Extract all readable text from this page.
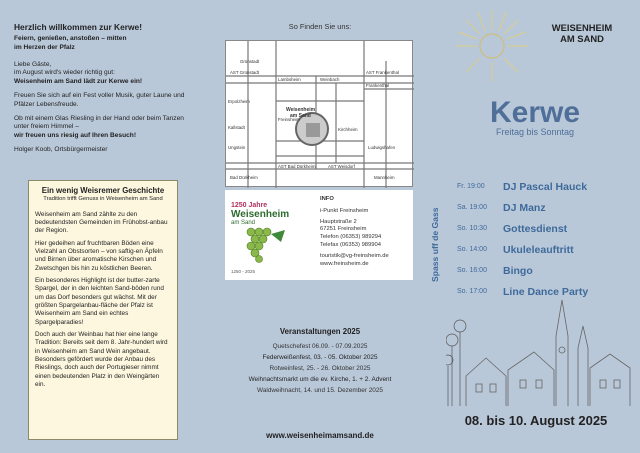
Herzlich willkommen zur Kerwe!

Feiern, genießen, anstoßen – mitten
im Herzen der Pfalz

Liebe Gäste,
im August wird's wieder richtig gut:
Weisenheim am Sand lädt zur Kerwe ein!

Freuen Sie sich auf ein Fest voller Musik, guter Laune und Pfälzer Lebensfreude.

Ob mit einem Glas Riesling in der Hand oder beim Tanzen unter freiem Himmel –
wir freuen uns riesig auf Ihren Besuch!

Holger Koob, Ortsbürgermeister

Ein wenig Weisremer Geschichte
Tradition trifft Genuss in Weisenheim am Sand

Weisenheim am Sand zählte zu den bedeutendsten Gemeinden im Frühobst-anbau der Region.

Hier gedeihen auf fruchtbaren Böden eine Vielzahl an Obstsorten – von saftig-en Äpfeln und Birnen über aromatische Kirschen und Zwetschgen bis hin zu köstlichen Beeren.

Ein besonderes Highlight ist der butter-zarte Spargel, der in den leichten Sand-böden rund um das Dorf besonders gut wächst. Mit der größten Spargelanbau-fläche der Pfalz ist Weisenheim am Sand ein echtes Spargelparadies!

Doch auch der Weinbau hat hier eine lange Tradition: Bereits seit dem 8. Jahr-hundert wird in Weisenheim am Sand Wein angebaut. Besonders gefördert wurde der Anbau des Rieslings, doch auch der Portugieser nimmt einen bedeutenden Platz in den Weingärten ein.

So Finden Sie uns:
Grünstadt
AST Grünstadt	AST Frankenthal
Frankenthal
Lambsheim	Weinbach
Weisenheim
am Sand
Erpolzheim
Kallstadt
Ungstein
Freinsheim
Kirchheim
Ludwigshafen
Bad Dürkheim	Mannheim
AST Bad Dürkheim	AST Weisdorf
1250 Jahre
Weisenheim
am Sand
1250 - 2025
INFO
i-Punkt Freinsheim
Hauptstraße 2
67251 Freinsheim
Telefon (06353) 989294
Telefax (06353) 989904
touristik@vg-freinsheim.de
www.freinsheim.de
Veranstaltungen 2025
Quetschefest 06.09. - 07.09.2025
Federweißenfest, 03. - 05. Oktober 2025
Rotweinfest, 25. - 26. Oktober 2025
Weihnachtsmarkt um die ev. Kirche, 1. + 2. Advent
Waldweihnacht, 14. und 15. Dezember 2025
www.weisenheimamsand.de
WEISENHEIM
AM SAND
Kerwe
Freitag bis Sonntag
Spass uff de Gass
Fr. 19:00	DJ Pascal Hauck
Sa. 19:00	DJ Manz
So. 10:30	Gottesdienst
So. 14:00	Ukuleleauftritt
So. 16:00	Bingo
So. 17:00	Line Dance Party
08. bis 10. August 2025
